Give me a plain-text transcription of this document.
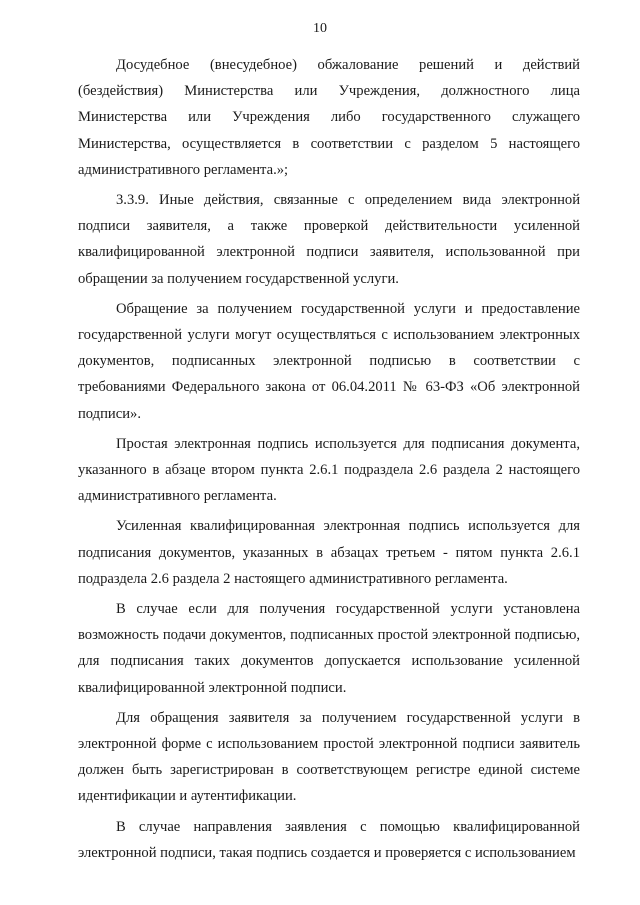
10

Досудебное (внесудебное) обжалование решений и действий (бездействия) Министерства или Учреждения, должностного лица Министерства или Учреждения либо государственного служащего Министерства, осуществляется в соответствии с разделом 5 настоящего административного регламента.»;

3.3.9. Иные действия, связанные с определением вида электронной подписи заявителя, а также проверкой действительности усиленной квалифицированной электронной подписи заявителя, использованной при обращении за получением государственной услуги.

Обращение за получением государственной услуги и предоставление государственной услуги могут осуществляться с использованием электронных документов, подписанных электронной подписью в соответствии с требованиями Федерального закона от 06.04.2011 № 63-ФЗ «Об электронной подписи».

Простая электронная подпись используется для подписания документа, указанного в абзаце втором пункта 2.6.1 подраздела 2.6 раздела 2 настоящего административного регламента.

Усиленная квалифицированная электронная подпись используется для подписания документов, указанных в абзацах третьем - пятом пункта 2.6.1 подраздела 2.6 раздела 2 настоящего административного регламента.

В случае если для получения государственной услуги установлена возможность подачи документов, подписанных простой электронной подписью, для подписания таких документов допускается использование усиленной квалифицированной электронной подписи.

Для обращения заявителя за получением государственной услуги в электронной форме с использованием простой электронной подписи заявитель должен быть зарегистрирован в соответствующем регистре единой системе идентификации и аутентификации.

В случае направления заявления с помощью квалифицированной электронной подписи, такая подпись создается и проверяется с использованием
